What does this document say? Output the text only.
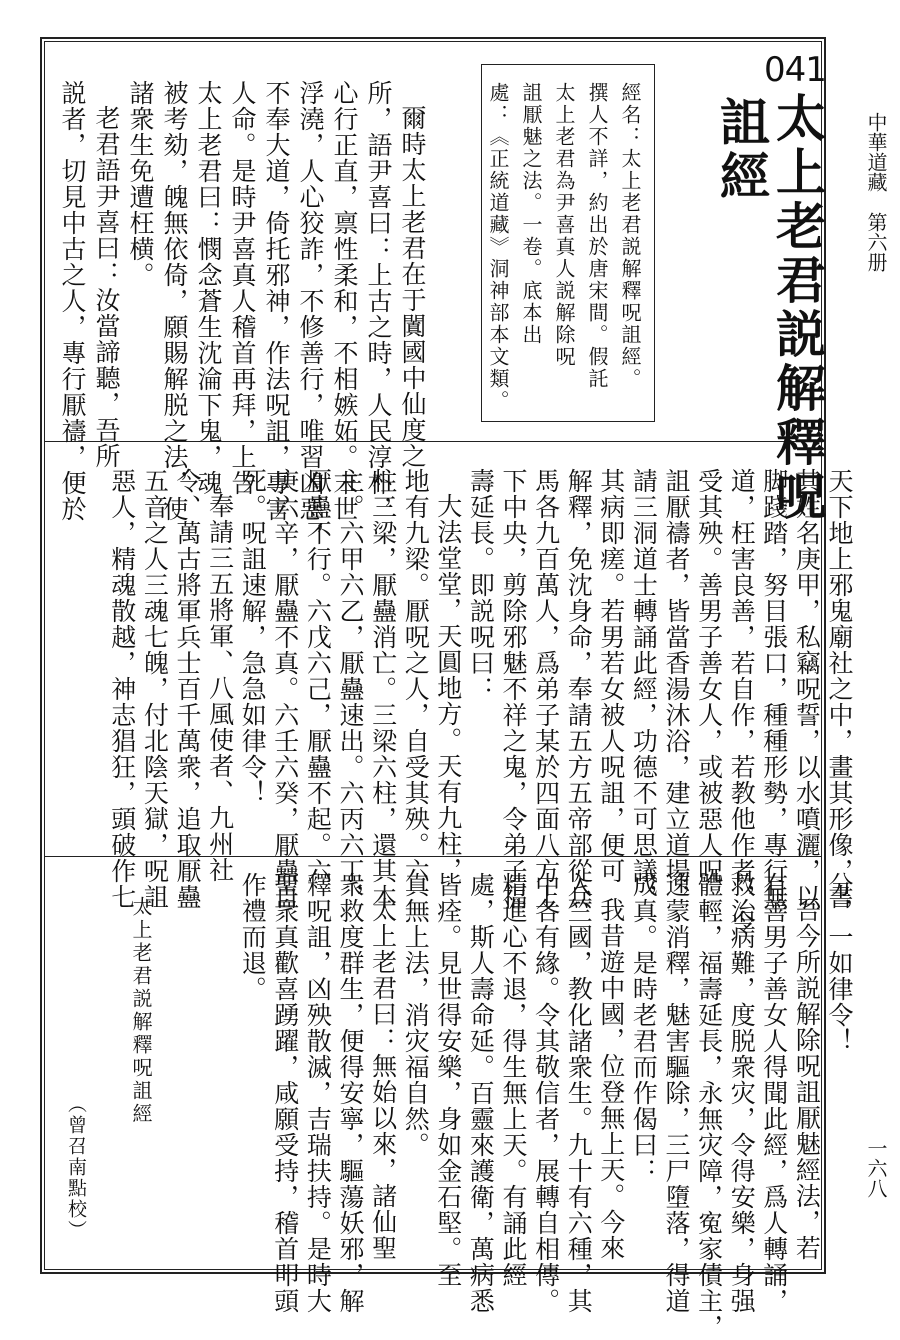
中華道藏
第六册
一六八
041
太上老君説解釋呪
詛經
經名：太上老君説解釋呪詛經。
撰人不詳，約出於唐宋間。假託
太上老君為尹喜真人説解除呪
詛厭魅之法。一卷。底本出
處：《正統道藏》洞神部本文類。
爾時太上老君在于闐國中仙度之
所，語尹喜曰：上古之時，人民淳朴，
心行正直，禀性柔和，不相嫉妬。末世
浮澆，人心狡詐，不修善行，唯習凶惡，
不奉大道，倚托邪神，作法呪詛，專害
人命。是時尹喜真人稽首再拜，上告
太上老君曰：憫念蒼生沈淪下鬼，魂
被考劾，魄無依倚，願賜解脱之法，使
諸衆生免遭枉横。
老君語尹喜曰：汝當諦聽，吾所
説者，切見中古之人，專行厭禱，便於
天下地上邪鬼廟社之中，畫其形像，書
其姓名庚甲，私竊呪誓，以水噴灑，以
脚踐踏，努目張口，種種形勢，專行無
道，枉害良善，若自作，若教他作者，令
受其殃。善男子善女人，或被惡人呪
詛厭禱者，皆當香湯沐浴，建立道場，
請三洞道士轉誦此經，功德不可思議，
其病即瘥。若男若女被人呪詛，便可
解釋，免沈身命，奉請五方五帝部從兵
馬各九百萬人，爲弟子某於四面八方上
下中央，剪除邪魅不祥之鬼，令弟子福
壽延長。即説呪曰：
大法堂堂，天圓地方。天有九柱，
地有九梁。厭呪之人，自受其殃。六
柱三梁，厭蠱消亡。三梁六柱，還其本
主。六甲六乙，厭蠱速出。六丙六丁，
厭蠱不行。六戊六己，厭蠱不起。六
庚六辛，厭蠱不真。六壬六癸，厭蠱自
死。呪詛速解，急急如律令！
奉請三五將軍、八風使者、九州社
令、萬古將軍兵士百千萬衆，追取厭蠱
五音之人三魂七魄，付北陰天獄，呪詛
惡人，精魂散越，神志猖狂，頭破作七
分，一如律令！
吾今所説解除呪詛厭魅經法，若
有善男子善女人得聞此經，爲人轉誦，
救治病難，度脱衆灾，令得安樂，身强
體輕，福壽延長，永無灾障，寃家債主，
速蒙消釋，魅害驅除，三尸墮落，得道
成真。是時老君而作偈曰：
我昔遊中國，位登無上天。今來
入竺國，教化諸衆生。九十有六種，其
中各有緣。令其敬信者，展轉自相傳。
精進心不退，得生無上天。有誦此經
處，斯人壽命延。百靈來護衛，萬病悉
皆痊。見世得安樂，身如金石堅。至
真無上法，消灾福自然。
太上老君曰：無始以來，諸仙聖
衆救度群生，便得安寧，驅蕩妖邪，解
釋呪詛，凶殃散滅，吉瑞扶持。是時大
聖衆真歡喜踴躍，咸願受持，稽首叩頭
作禮而退。
太上老君説解釋呪詛經
（曾召南點校）
